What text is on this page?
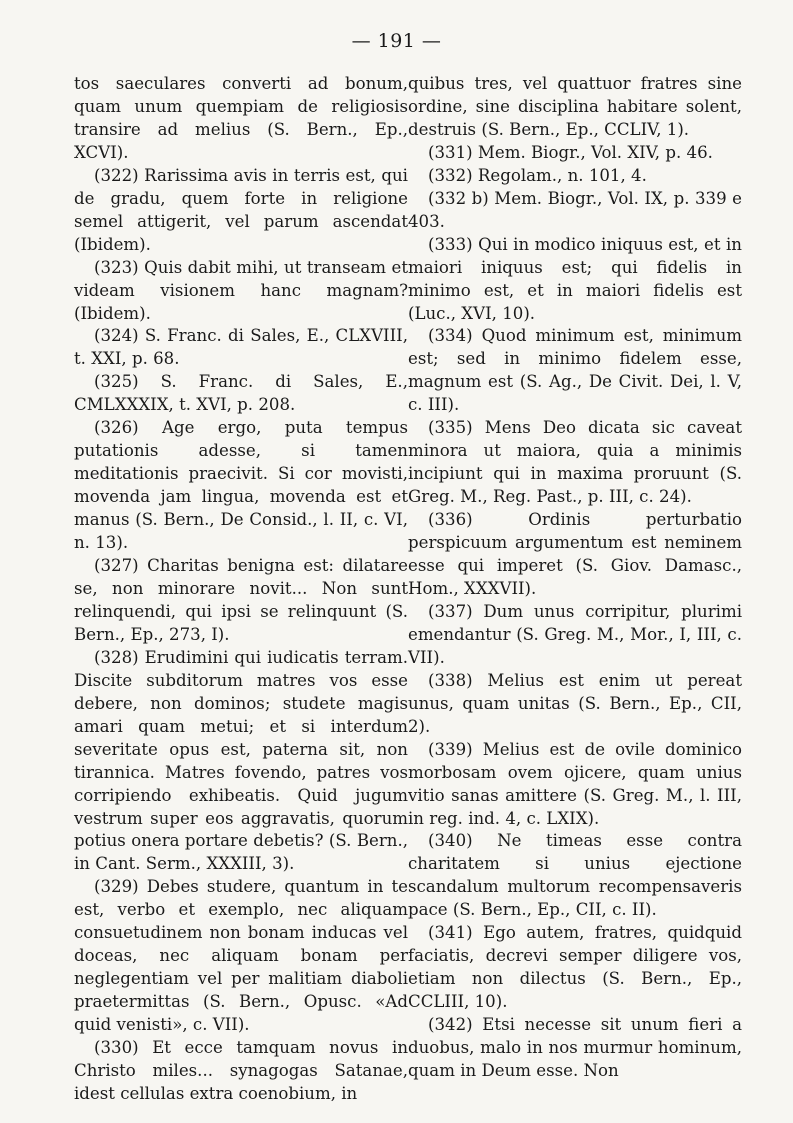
— 191 —

tos saeculares converti ad bonum, quam unum quempiam de religiosis transire ad melius (S. Bern., Ep., XCVI).

(322) Rarissima avis in terris est, qui de gradu, quem forte in religione semel attigerit, vel parum ascendat (Ibidem).

(323) Quis dabit mihi, ut transeam et videam visionem hanc magnam? (Ibidem).

(324) S. Franc. di Sales, E., CLXVIII, t. XXI, p. 68.

(325) S. Franc. di Sales, E., CMLXXXIX, t. XVI, p. 208.

(326) Age ergo, puta tempus putationis adesse, si tamen meditationis praecivit. Si cor movisti, movenda jam lingua, movenda est et manus (S. Bern., De Consid., l. II, c. VI, n. 13).

(327) Charitas benigna est: dilatare se, non minorare novit... Non sunt relinquendi, qui ipsi se relinquunt (S. Bern., Ep., 273, I).

(328) Erudimini qui iudicatis terram. Discite subditorum matres vos esse debere, non dominos; studete magis amari quam metui; et si interdum severitate opus est, paterna sit, non tirannica. Matres fovendo, patres vos corripiendo exhibeatis. Quid jugum vestrum super eos aggravatis, quorum potius onera portare debetis? (S. Bern., in Cant. Serm., XXXIII, 3).

(329) Debes studere, quantum in te est, verbo et exemplo, nec aliquam consuetudinem non bonam inducas vel doceas, nec aliquam bonam per neglegentiam vel per malitiam diaboli praetermittas (S. Bern., Opusc. «Ad quid venisti», c. VII).

(330) Et ecce tamquam novus in Christo miles... synagogas Satanae, idest cellulas extra coenobium, in

quibus tres, vel quattuor fratres sine ordine, sine disciplina habitare solent, destruis (S. Bern., Ep., CCLIV, 1).

(331) Mem. Biogr., Vol. XIV, p. 46.

(332) Regolam., n. 101, 4.

(332 b) Mem. Biogr., Vol. IX, p. 339 e 403.

(333) Qui in modico iniquus est, et in maiori iniquus est; qui fidelis in minimo est, et in maiori fidelis est (Luc., XVI, 10).

(334) Quod minimum est, minimum est; sed in minimo fidelem esse, magnum est (S. Ag., De Civit. Dei, l. V, c. III).

(335) Mens Deo dicata sic caveat minora ut maiora, quia a minimis incipiunt qui in maxima proruunt (S. Greg. M., Reg. Past., p. III, c. 24).

(336) Ordinis perturbatio perspicuum argumentum est neminem esse qui imperet (S. Giov. Damasc., Hom., XXXVII).

(337) Dum unus corripitur, plurimi emendantur (S. Greg. M., Mor., I, III, c. VII).

(338) Melius est enim ut pereat unus, quam unitas (S. Bern., Ep., CII, 2).

(339) Melius est de ovile dominico morbosam ovem ojicere, quam unius vitio sanas amittere (S. Greg. M., l. III, in reg. ind. 4, c. LXIX).

(340) Ne timeas esse contra charitatem si unius ejectione scandalum multorum recompensaveris pace (S. Bern., Ep., CII, c. II).

(341) Ego autem, fratres, quidquid faciatis, decrevi semper diligere vos, etiam non dilectus (S. Bern., Ep., CCLIII, 10).

(342) Etsi necesse sit unum fieri a duobus, malo in nos murmur hominum, quam in Deum esse. Non
